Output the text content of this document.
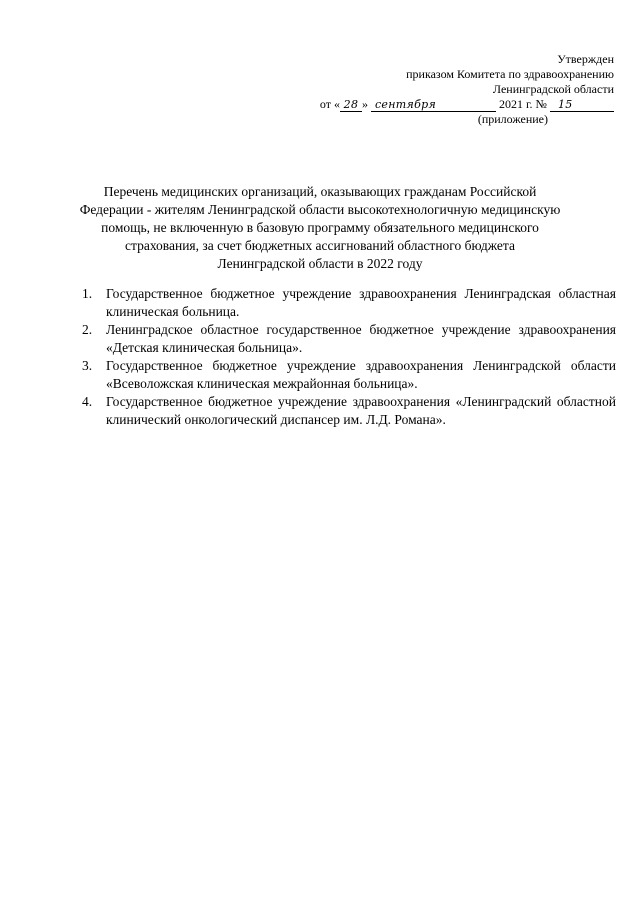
Утвержден
приказом Комитета по здравоохранению
Ленинградской области
от « 28 » сентября	2021 г. № 15
(приложение)
Перечень медицинских организаций, оказывающих гражданам Российской
Федерации - жителям Ленинградской области высокотехнологичную медицинскую
помощь, не включенную в базовую программу обязательного медицинского
страхования, за счет бюджетных ассигнований областного бюджета
Ленинградской области в 2022 году
1. Государственное бюджетное учреждение здравоохранения Ленинградская областная клиническая больница.
2. Ленинградское областное государственное бюджетное учреждение здравоохранения «Детская клиническая больница».
3. Государственное бюджетное учреждение здравоохранения Ленинградской области «Всеволожская клиническая межрайонная больница».
4. Государственное бюджетное учреждение здравоохранения «Ленинградский областной клинический онкологический диспансер им. Л.Д. Романа».
